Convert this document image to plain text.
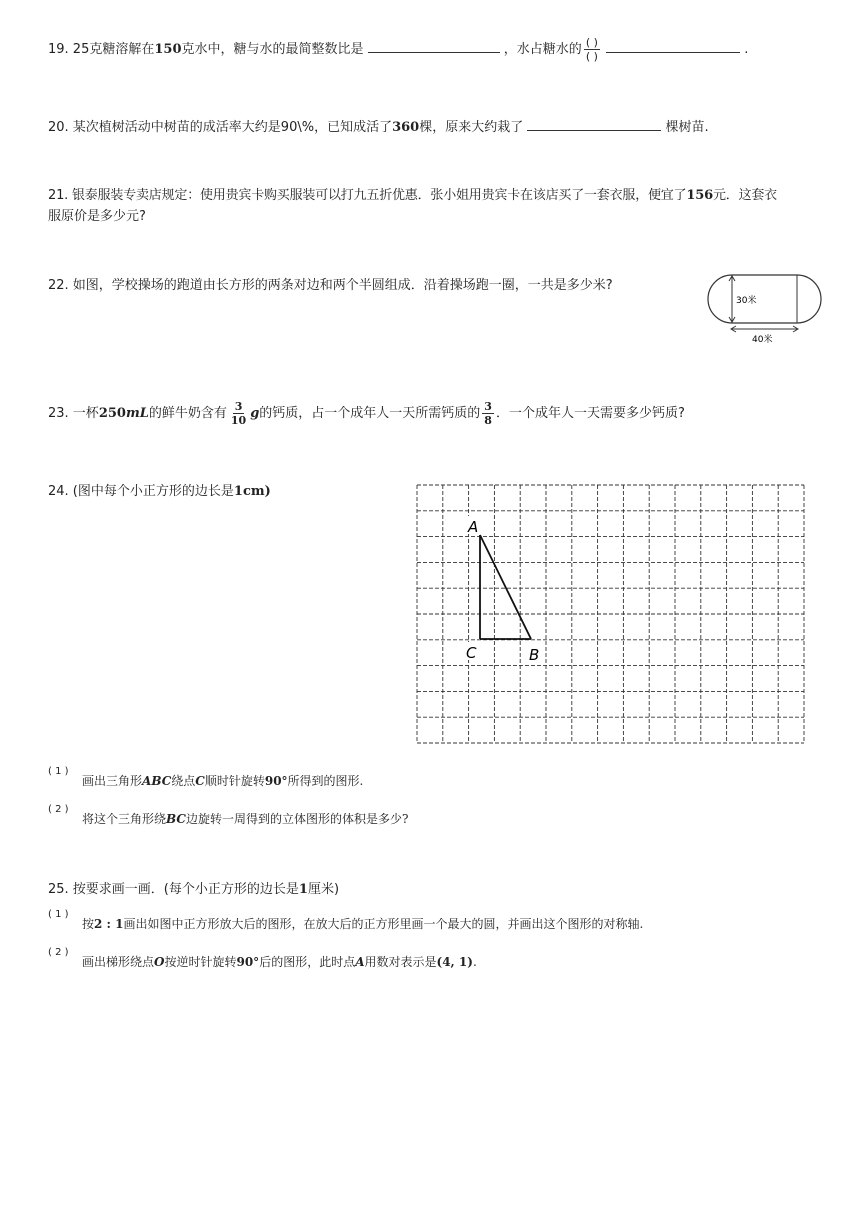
19. 25克糖溶解在150克水中，糖与水的最简整数比是	，水占糖水的 $\frac{( )}{( )}$	.
20. 某次植树活动中树苗的成活率大约是90\%，已知成活了360棵，原来大约栽了	棵树苗.
21. 银泰服装专卖店规定：使用贵宾卡购买服装可以打九五折优惠．张小姐用贵宾卡在该店买了一套衣服，便宜了156元．这套衣
服原价是多少元?
22. 如图，学校操场的跑道由长方形的两条对边和两个半圆组成．沿着操场跑一圈，一共是多少米?
30米
40米
23. 一杯250mL的鲜牛奶含有 $\frac{3}{10}$ g的钙质，占一个成年人一天所需钙质的 $\frac{3}{8}$ ．一个成年人一天需要多少钙质?
24. (图中每个小正方形的边长是1cm)
A
C	B
( 1 )
画出三角形ABC绕点C顺时针旋转90°所得到的图形.
( 2 )
将这个三角形绕BC边旋转一周得到的立体图形的体积是多少?
25. 按要求画一画．(每个小正方形的边长是1厘米)
( 1 )
按2 : 1画出如图中正方形放大后的图形，在放大后的正方形里画一个最大的圆，并画出这个图形的对称轴.
( 2 )
画出梯形绕点O按逆时针旋转90°后的图形，此时点A用数对表示是(4, 1).
